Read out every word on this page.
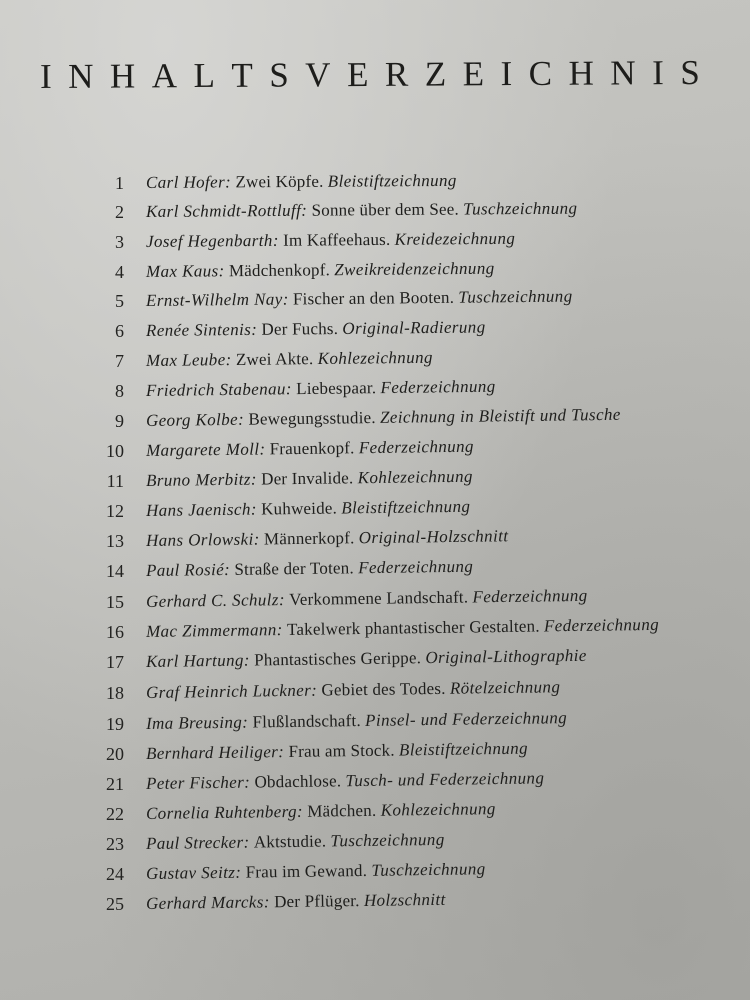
I N H A L T S V E R Z E I C H N I S
1 Carl Hofer: Zwei Köpfe. Bleistiftzeichnung
2 Karl Schmidt-Rottluff: Sonne über dem See. Tuschzeichnung
3 Josef Hegenbarth: Im Kaffeehaus. Kreidezeichnung
4 Max Kaus: Mädchenkopf. Zweikreidenzeichnung
5 Ernst-Wilhelm Nay: Fischer an den Booten. Tuschzeichnung
6 Renée Sintenis: Der Fuchs. Original-Radierung
7 Max Leube: Zwei Akte. Kohlezeichnung
8 Friedrich Stabenau: Liebespaar. Federzeichnung
9 Georg Kolbe: Bewegungsstudie. Zeichnung in Bleistift und Tusche
10 Margarete Moll: Frauenkopf. Federzeichnung
11 Bruno Merbitz: Der Invalide. Kohlezeichnung
12 Hans Jaenisch: Kuhweide. Bleistiftzeichnung
13 Hans Orlowski: Männerkopf. Original-Holzschnitt
14 Paul Rosié: Straße der Toten. Federzeichnung
15 Gerhard C. Schulz: Verkommene Landschaft. Federzeichnung
16 Mac Zimmermann: Takelwerk phantastischer Gestalten. Federzeichnung
17 Karl Hartung: Phantastisches Gerippe. Original-Lithographie
18 Graf Heinrich Luckner: Gebiet des Todes. Rötelzeichnung
19 Ima Breusing: Flußlandschaft. Pinsel- und Federzeichnung
20 Bernhard Heiliger: Frau am Stock. Bleistiftzeichnung
21 Peter Fischer: Obdachlose. Tusch- und Federzeichnung
22 Cornelia Ruhtenberg: Mädchen. Kohlezeichnung
23 Paul Strecker: Aktstudie. Tuschzeichnung
24 Gustav Seitz: Frau im Gewand. Tuschzeichnung
25 Gerhard Marcks: Der Pflüger. Holzschnitt
